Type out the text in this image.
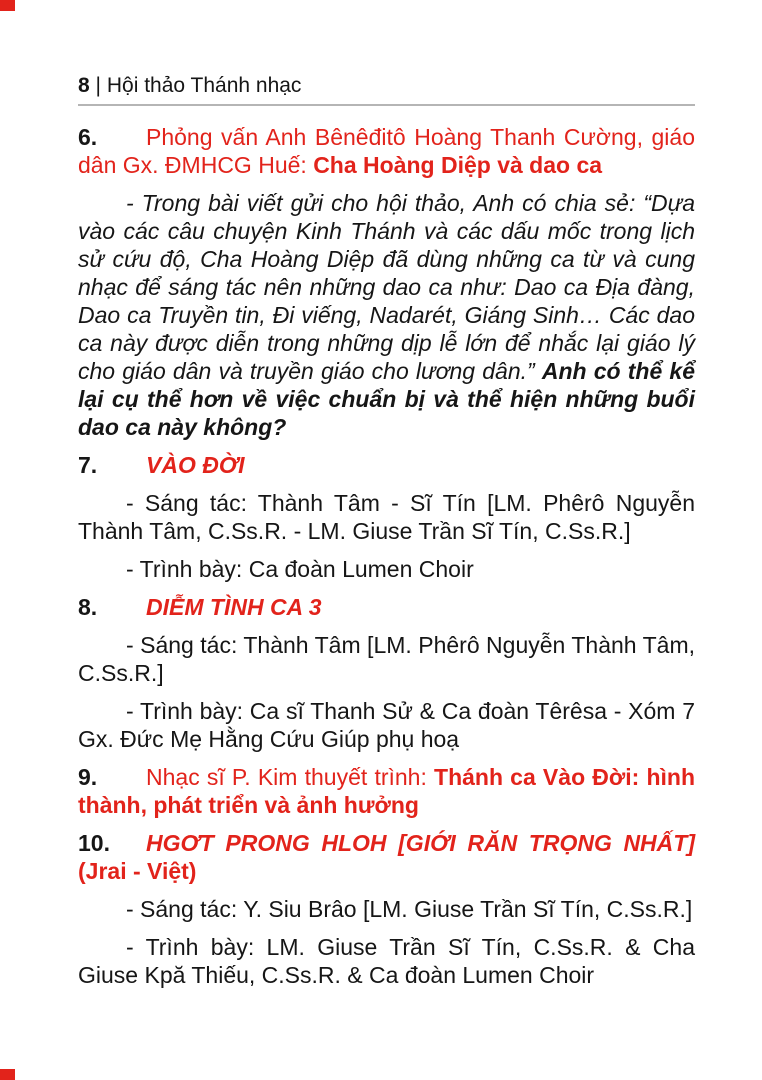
8 | Hội thảo Thánh nhạc

6. Phỏng vấn Anh Bênêđitô Hoàng Thanh Cường, giáo dân Gx. ĐMHCG Huế: Cha Hoàng Diệp và dao ca

- Trong bài viết gửi cho hội thảo, Anh có chia sẻ: “Dựa vào các câu chuyện Kinh Thánh và các dấu mốc trong lịch sử cứu độ, Cha Hoàng Diệp đã dùng những ca từ và cung nhạc để sáng tác nên những dao ca như: Dao ca Địa đàng, Dao ca Truyền tin, Đi viếng, Nadarét, Giáng Sinh… Các dao ca này được diễn trong những dịp lễ lớn để nhắc lại giáo lý cho giáo dân và truyền giáo cho lương dân.” Anh có thể kể lại cụ thể hơn về việc chuẩn bị và thể hiện những buổi dao ca này không?

7. VÀO ĐỜI

- Sáng tác: Thành Tâm - Sĩ Tín [LM. Phêrô Nguyễn Thành Tâm, C.Ss.R. - LM. Giuse Trần Sĩ Tín, C.Ss.R.]

- Trình bày: Ca đoàn Lumen Choir

8. DIỄM TÌNH CA 3

- Sáng tác: Thành Tâm [LM. Phêrô Nguyễn Thành Tâm, C.Ss.R.]

- Trình bày: Ca sĩ Thanh Sử & Ca đoàn Têrêsa - Xóm 7 Gx. Đức Mẹ Hằng Cứu Giúp phụ hoạ

9. Nhạc sĩ P. Kim thuyết trình: Thánh ca Vào Đời: hình thành, phát triển và ảnh hưởng

10. HGƠT PRONG HLOH [GIỚI RĂN TRỌNG NHẤT] (Jrai - Việt)

- Sáng tác: Y. Siu Brâo [LM. Giuse Trần Sĩ Tín, C.Ss.R.]

- Trình bày: LM. Giuse Trần Sĩ Tín, C.Ss.R. & Cha Giuse Kpă Thiếu, C.Ss.R. & Ca đoàn Lumen Choir
